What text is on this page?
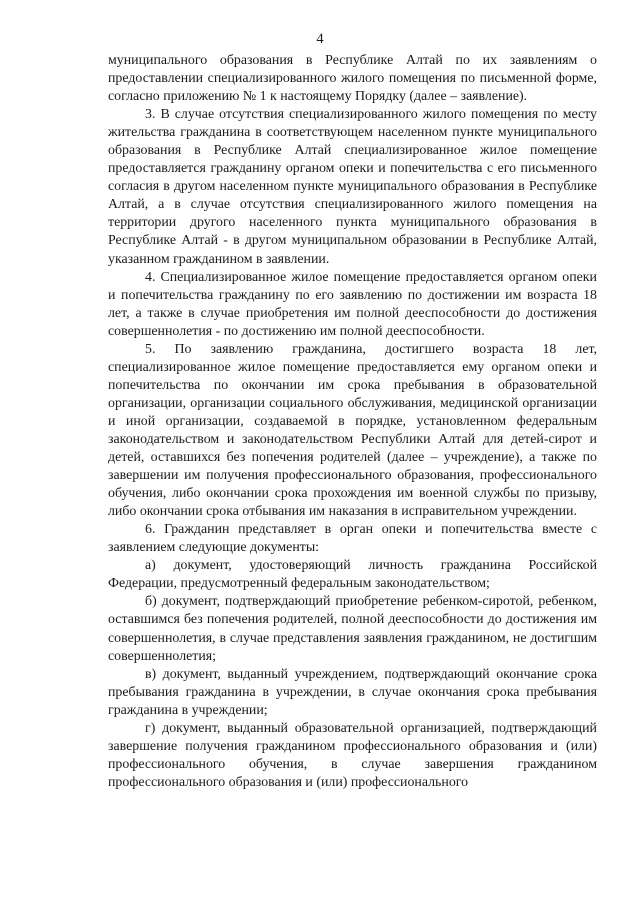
4

муниципального образования в Республике Алтай по их заявлениям о предоставлении специализированного жилого помещения по письменной форме, согласно приложению № 1 к настоящему Порядку (далее – заявление).

3. В случае отсутствия специализированного жилого помещения по месту жительства гражданина в соответствующем населенном пункте муниципального образования в Республике Алтай специализированное жилое помещение предоставляется гражданину органом опеки и попечительства с его письменного согласия в другом населенном пункте муниципального образования в Республике Алтай, а в случае отсутствия специализированного жилого помещения на территории другого населенного пункта муниципального образования в Республике Алтай - в другом муниципальном образовании в Республике Алтай, указанном гражданином в заявлении.

4. Специализированное жилое помещение предоставляется органом опеки и попечительства гражданину по его заявлению по достижении им возраста 18 лет, а также в случае приобретения им полной дееспособности до достижения совершеннолетия - по достижению им полной дееспособности.

5. По заявлению гражданина, достигшего возраста 18 лет, специализированное жилое помещение предоставляется ему органом опеки и попечительства по окончании им срока пребывания в образовательной организации, организации социального обслуживания, медицинской организации и иной организации, создаваемой в порядке, установленном федеральным законодательством и законодательством Республики Алтай для детей-сирот и детей, оставшихся без попечения родителей (далее – учреждение), а также по завершении им получения профессионального образования, профессионального обучения, либо окончании срока прохождения им военной службы по призыву, либо окончании срока отбывания им наказания в исправительном учреждении.

6. Гражданин представляет в орган опеки и попечительства вместе с заявлением следующие документы:

а) документ, удостоверяющий личность гражданина Российской Федерации, предусмотренный федеральным законодательством;

б) документ, подтверждающий приобретение ребенком-сиротой, ребенком, оставшимся без попечения родителей, полной дееспособности до достижения им совершеннолетия, в случае представления заявления гражданином, не достигшим совершеннолетия;

в) документ, выданный учреждением, подтверждающий окончание срока пребывания гражданина в учреждении, в случае окончания срока пребывания гражданина в учреждении;

г) документ, выданный образовательной организацией, подтверждающий завершение получения гражданином профессионального образования и (или) профессионального обучения, в случае завершения гражданином профессионального образования и (или) профессионального
